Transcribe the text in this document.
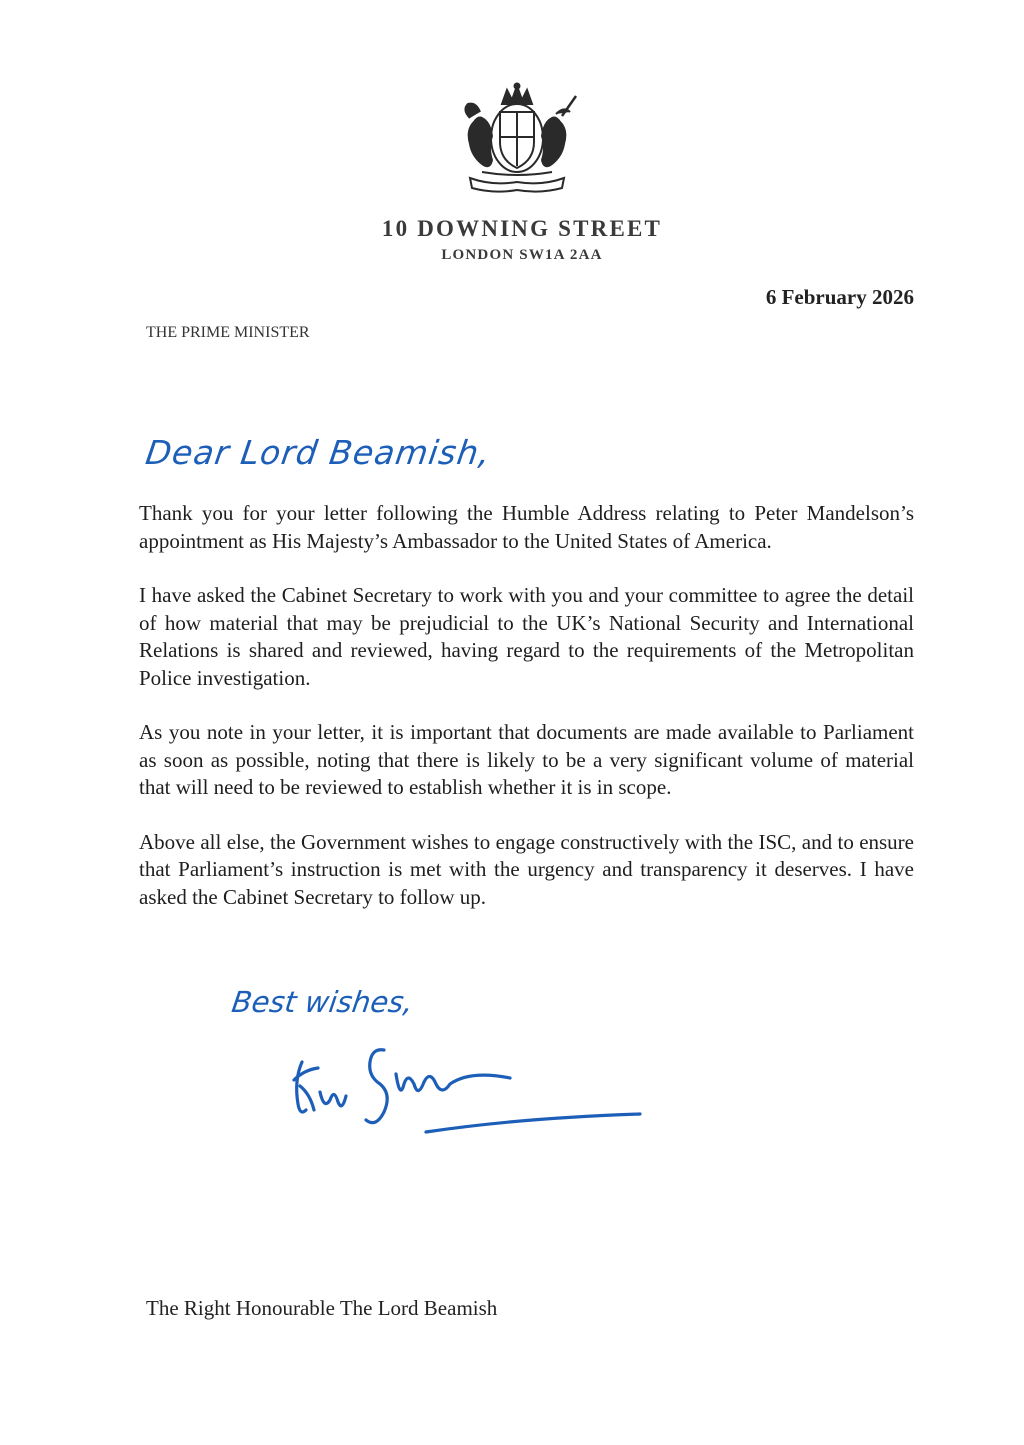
10 DOWNING STREET
LONDON SW1A 2AA
6 February 2026
THE PRIME MINISTER
Dear Lord Beamish,

Thank you for your letter following the Humble Address relating to Peter Mandelson’s appointment as His Majesty’s Ambassador to the United States of America.

I have asked the Cabinet Secretary to work with you and your committee to agree the detail of how material that may be prejudicial to the UK’s National Security and International Relations is shared and reviewed, having regard to the requirements of the Metropolitan Police investigation.

As you note in your letter, it is important that documents are made available to Parliament as soon as possible, noting that there is likely to be a very significant volume of material that will need to be reviewed to establish whether it is in scope.

Above all else, the Government wishes to engage constructively with the ISC, and to ensure that Parliament’s instruction is met with the urgency and transparency it deserves. I have asked the Cabinet Secretary to follow up.

Best wishes,
The Right Honourable The Lord Beamish
